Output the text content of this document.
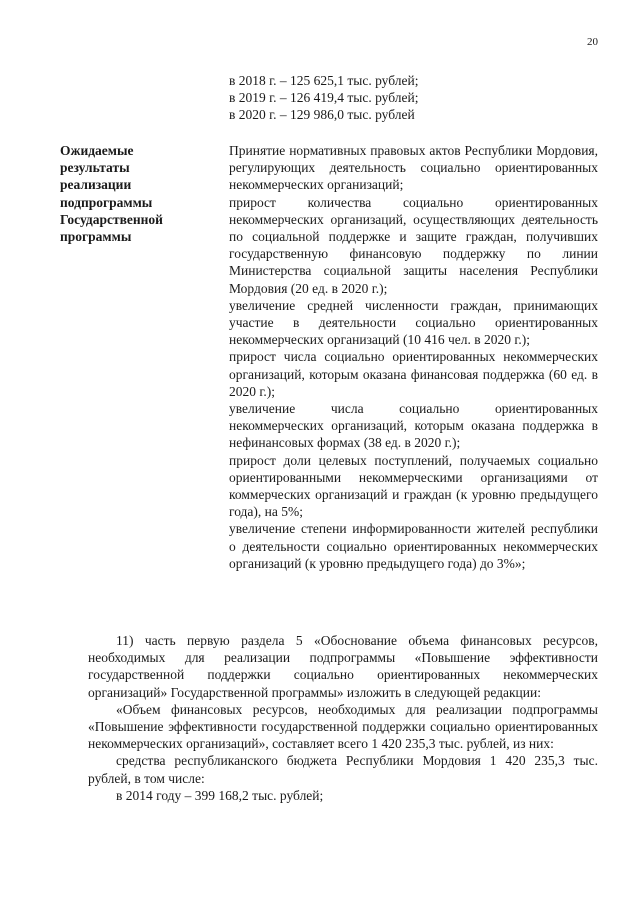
20
в 2018 г. – 125 625,1 тыс. рублей;
в 2019 г. – 126 419,4 тыс. рублей;
в 2020 г. – 129 986,0 тыс. рублей
Ожидаемые
результаты
реализации
подпрограммы
Государственной
программы

Принятие нормативных правовых актов Республики Мордовия, регулирующих деятельность социально ориентированных некоммерческих организаций;

прирост количества социально ориентированных некоммерческих организаций, осуществляющих деятельность по социальной поддержке и защите граждан, получивших государственную финансовую поддержку по линии Министерства социальной защиты населения Республики Мордовия (20 ед. в 2020 г.);

увеличение средней численности граждан, принимающих участие в деятельности социально ориентированных некоммерческих организаций (10 416 чел. в 2020 г.);

прирост числа социально ориентированных некоммерческих организаций, которым оказана финансовая поддержка (60 ед. в 2020 г.);

увеличение числа социально ориентированных некоммерческих организаций, которым оказана поддержка в нефинансовых формах (38 ед. в 2020 г.);

прирост доли целевых поступлений, получаемых социально ориентированными некоммерческими организациями от коммерческих организаций и граждан (к уровню предыдущего года), на 5%;

увеличение степени информированности жителей республики о деятельности социально ориентированных некоммерческих организаций (к уровню предыдущего года) до 3%»;

11) часть первую раздела 5 «Обоснование объема финансовых ресурсов, необходимых для реализации подпрограммы «Повышение эффективности государственной поддержки социально ориентированных некоммерческих организаций» Государственной программы» изложить в следующей редакции:

«Объем финансовых ресурсов, необходимых для реализации подпрограммы «Повышение эффективности государственной поддержки социально ориентированных некоммерческих организаций», составляет всего 1 420 235,3 тыс. рублей, из них:

средства республиканского бюджета Республики Мордовия 1 420 235,3 тыс. рублей, в том числе:

в 2014 году – 399 168,2 тыс. рублей;
